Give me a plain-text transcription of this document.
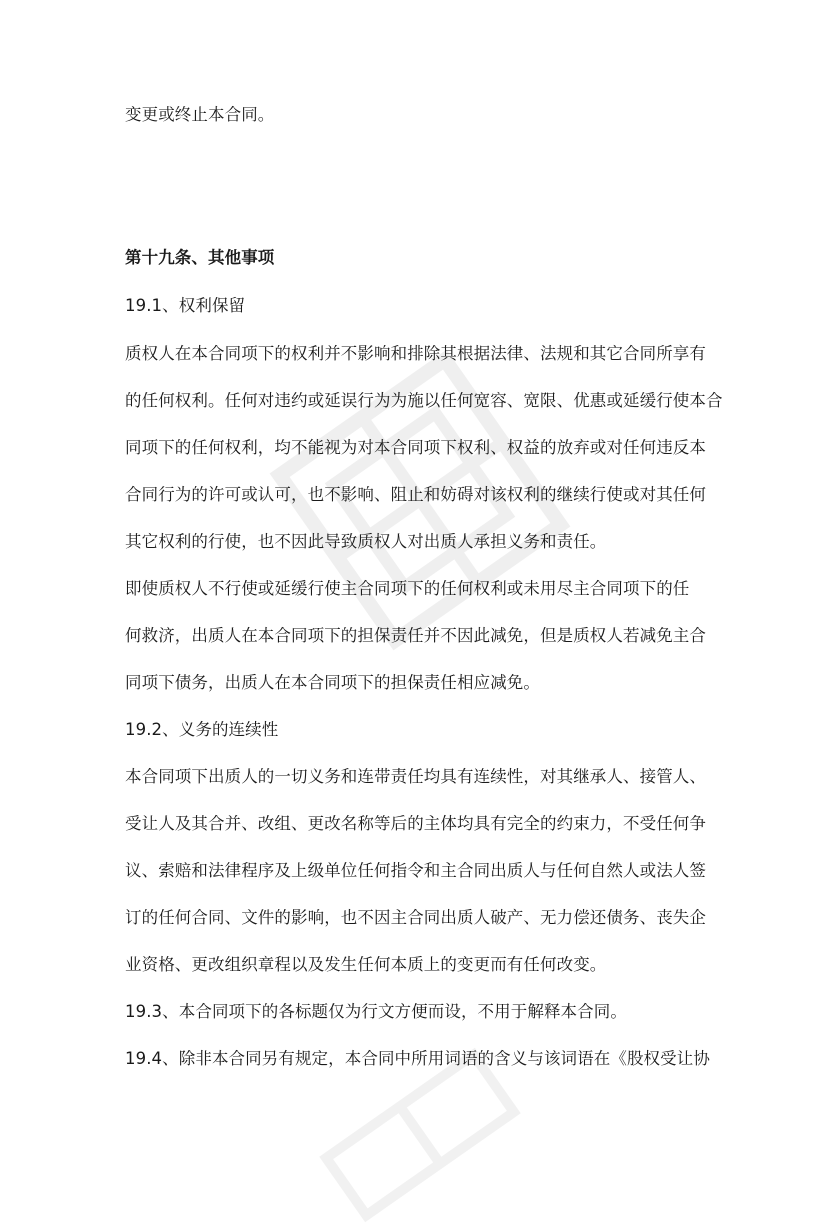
变更或终止本合同。
第十九条、其他事项
19.1、权利保留
质权人在本合同项下的权利并不影响和排除其根据法律、法规和其它合同所享有
的任何权利。任何对违约或延误行为为施以任何宽容、宽限、优惠或延缓行使本合
同项下的任何权利，均不能视为对本合同项下权利、权益的放弃或对任何违反本
合同行为的许可或认可，也不影响、阻止和妨碍对该权利的继续行使或对其任何
其它权利的行使，也不因此导致质权人对出质人承担义务和责任。
即使质权人不行使或延缓行使主合同项下的任何权利或未用尽主合同项下的任
何救济，出质人在本合同项下的担保责任并不因此减免，但是质权人若减免主合
同项下债务，出质人在本合同项下的担保责任相应减免。
19.2、义务的连续性
本合同项下出质人的一切义务和连带责任均具有连续性，对其继承人、接管人、
受让人及其合并、改组、更改名称等后的主体均具有完全的约束力，不受任何争
议、索赔和法律程序及上级单位任何指令和主合同出质人与任何自然人或法人签
订的任何合同、文件的影响，也不因主合同出质人破产、无力偿还债务、丧失企
业资格、更改组织章程以及发生任何本质上的变更而有任何改变。
19.3、本合同项下的各标题仅为行文方便而设，不用于解释本合同。
19.4、除非本合同另有规定，本合同中所用词语的含义与该词语在《股权受让协
